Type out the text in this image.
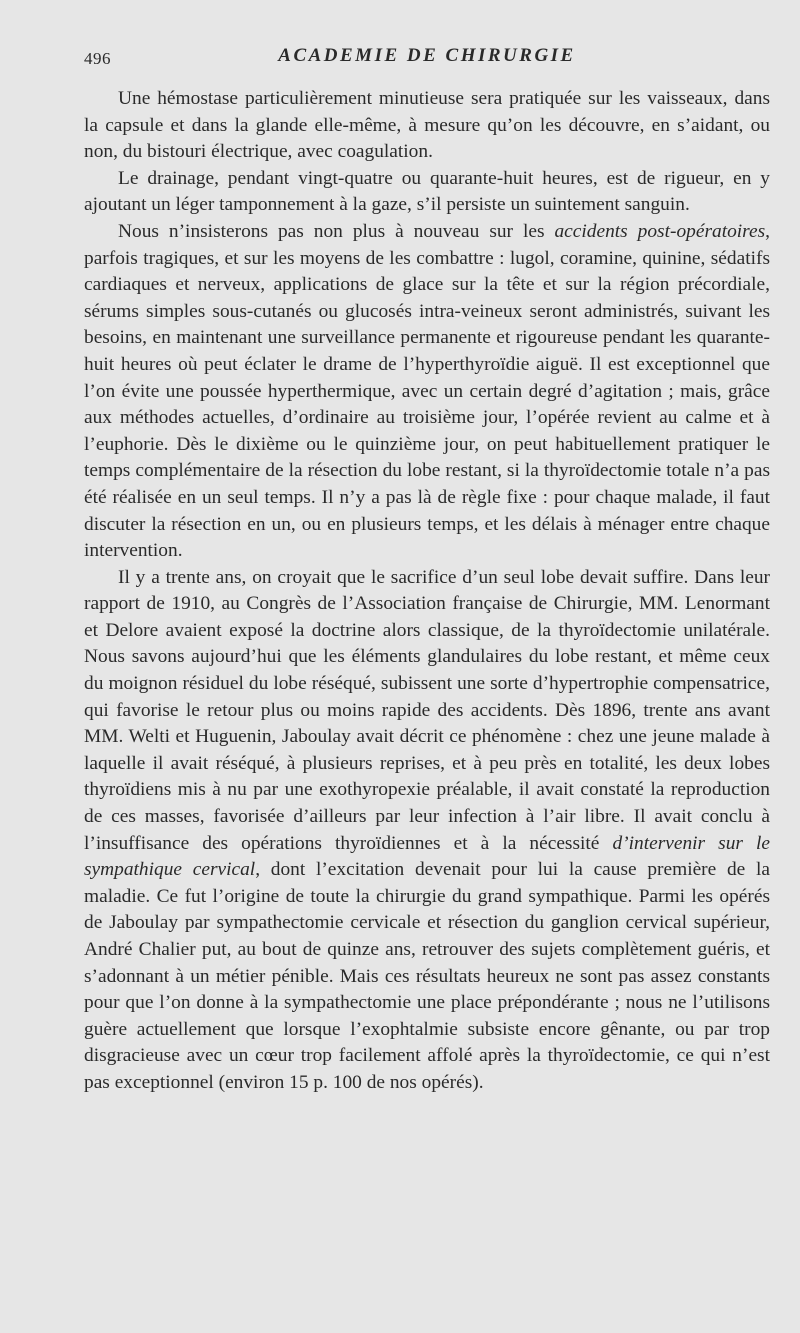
496	ACADEMIE DE CHIRURGIE

Une hémostase particulièrement minutieuse sera pratiquée sur les vaisseaux, dans la capsule et dans la glande elle-même, à mesure qu’on les découvre, en s’aidant, ou non, du bistouri électrique, avec coagulation.

Le drainage, pendant vingt-quatre ou quarante-huit heures, est de rigueur, en y ajoutant un léger tamponnement à la gaze, s’il persiste un suintement sanguin.

Nous n’insisterons pas non plus à nouveau sur les accidents post-opératoires, parfois tragiques, et sur les moyens de les combattre : lugol, coramine, quinine, sédatifs cardiaques et nerveux, applications de glace sur la tête et sur la région précordiale, sérums simples sous-cutanés ou glucosés intra-veineux seront administrés, suivant les besoins, en maintenant une surveillance permanente et rigoureuse pendant les quarante-huit heures où peut éclater le drame de l’hyperthyroïdie aiguë. Il est exceptionnel que l’on évite une poussée hyperthermique, avec un certain degré d’agitation ; mais, grâce aux méthodes actuelles, d’ordinaire au troisième jour, l’opérée revient au calme et à l’euphorie. Dès le dixième ou le quinzième jour, on peut habituellement pratiquer le temps complémentaire de la résection du lobe restant, si la thyroïdectomie totale n’a pas été réalisée en un seul temps. Il n’y a pas là de règle fixe : pour chaque malade, il faut discuter la résection en un, ou en plusieurs temps, et les délais à ménager entre chaque intervention.

Il y a trente ans, on croyait que le sacrifice d’un seul lobe devait suffire. Dans leur rapport de 1910, au Congrès de l’Association française de Chirurgie, MM. Lenormant et Delore avaient exposé la doctrine alors classique, de la thyroïdectomie unilatérale. Nous savons aujourd’hui que les éléments glandulaires du lobe restant, et même ceux du moignon résiduel du lobe réséqué, subissent une sorte d’hypertrophie compensatrice, qui favorise le retour plus ou moins rapide des accidents. Dès 1896, trente ans avant MM. Welti et Huguenin, Jaboulay avait décrit ce phénomène : chez une jeune malade à laquelle il avait réséqué, à plusieurs reprises, et à peu près en totalité, les deux lobes thyroïdiens mis à nu par une exothyropexie préalable, il avait constaté la reproduction de ces masses, favorisée d’ailleurs par leur infection à l’air libre. Il avait conclu à l’insuffisance des opérations thyroïdiennes et à la nécessité d’intervenir sur le sympathique cervical, dont l’excitation devenait pour lui la cause première de la maladie. Ce fut l’origine de toute la chirurgie du grand sympathique. Parmi les opérés de Jaboulay par sympathectomie cervicale et résection du ganglion cervical supérieur, André Chalier put, au bout de quinze ans, retrouver des sujets complètement guéris, et s’adonnant à un métier pénible. Mais ces résultats heureux ne sont pas assez constants pour que l’on donne à la sympathectomie une place prépondérante ; nous ne l’utilisons guère actuellement que lorsque l’exophtalmie subsiste encore gênante, ou par trop disgracieuse avec un cœur trop facilement affolé après la thyroïdectomie, ce qui n’est pas exceptionnel (environ 15 p. 100 de nos opérés).
